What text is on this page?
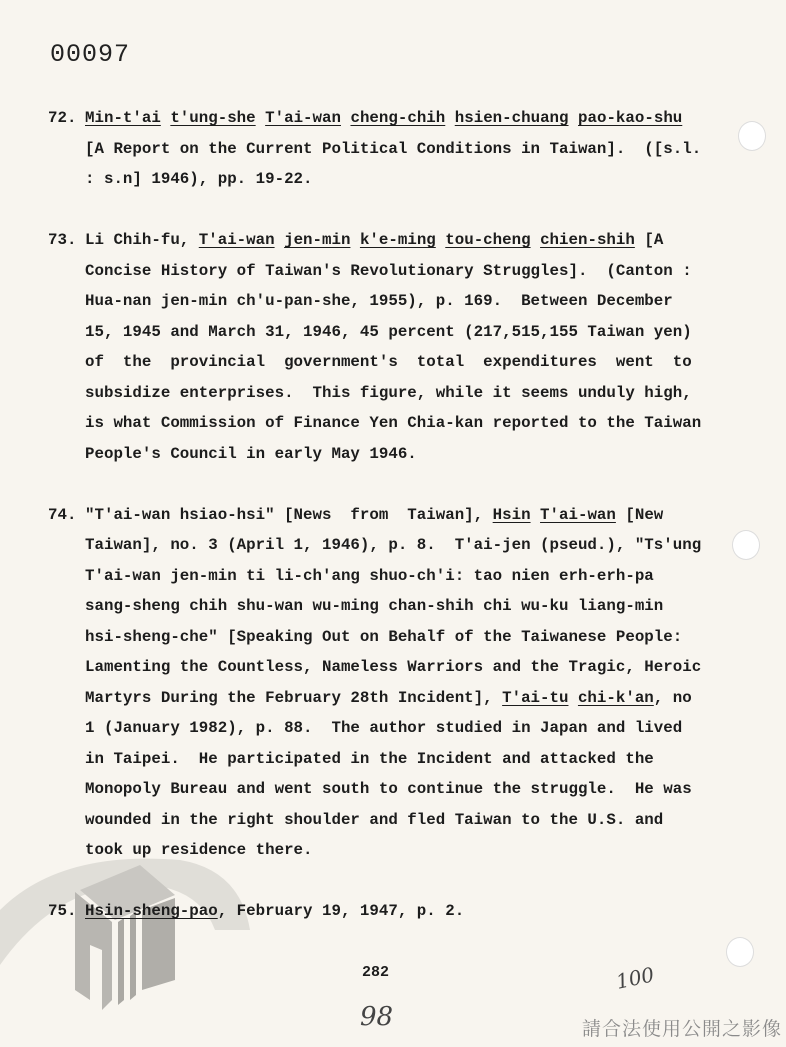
00097
72. Min-t'ai t'ung-she T'ai-wan cheng-chih hsien-chuang pao-kao-shu
[A Report on the Current Political Conditions in Taiwan].  ([s.l.
: s.n] 1946), pp. 19-22.
73. Li Chih-fu, T'ai-wan jen-min k'e-ming tou-cheng chien-shih [A
Concise History of Taiwan's Revolutionary Struggles].  (Canton :
Hua-nan jen-min ch'u-pan-she, 1955), p. 169.  Between December
15, 1945 and March 31, 1946, 45 percent (217,515,155 Taiwan yen)
of  the  provincial  government's  total  expenditures  went  to
subsidize enterprises.  This figure, while it seems unduly high,
is what Commission of Finance Yen Chia-kan reported to the Taiwan
People's Council in early May 1946.
74. "T'ai-wan hsiao-hsi" [News  from  Taiwan], Hsin T'ai-wan [New
Taiwan], no. 3 (April 1, 1946), p. 8.  T'ai-jen (pseud.), "Ts'ung
T'ai-wan jen-min ti li-ch'ang shuo-ch'i: tao nien erh-erh-pa
sang-sheng chih shu-wan wu-ming chan-shih chi wu-ku liang-min
hsi-sheng-che" [Speaking Out on Behalf of the Taiwanese People:
Lamenting the Countless, Nameless Warriors and the Tragic, Heroic
Martyrs During the February 28th Incident], T'ai-tu chi-k'an, no
1 (January 1982), p. 88.  The author studied in Japan and lived
in Taipei.  He participated in the Incident and attacked the
Monopoly Bureau and went south to continue the struggle.  He was
wounded in the right shoulder and fled Taiwan to the U.S. and
took up residence there.
75. Hsin-sheng-pao, February 19, 1947, p. 2.
282	100
98	請合法使用公開之影像
